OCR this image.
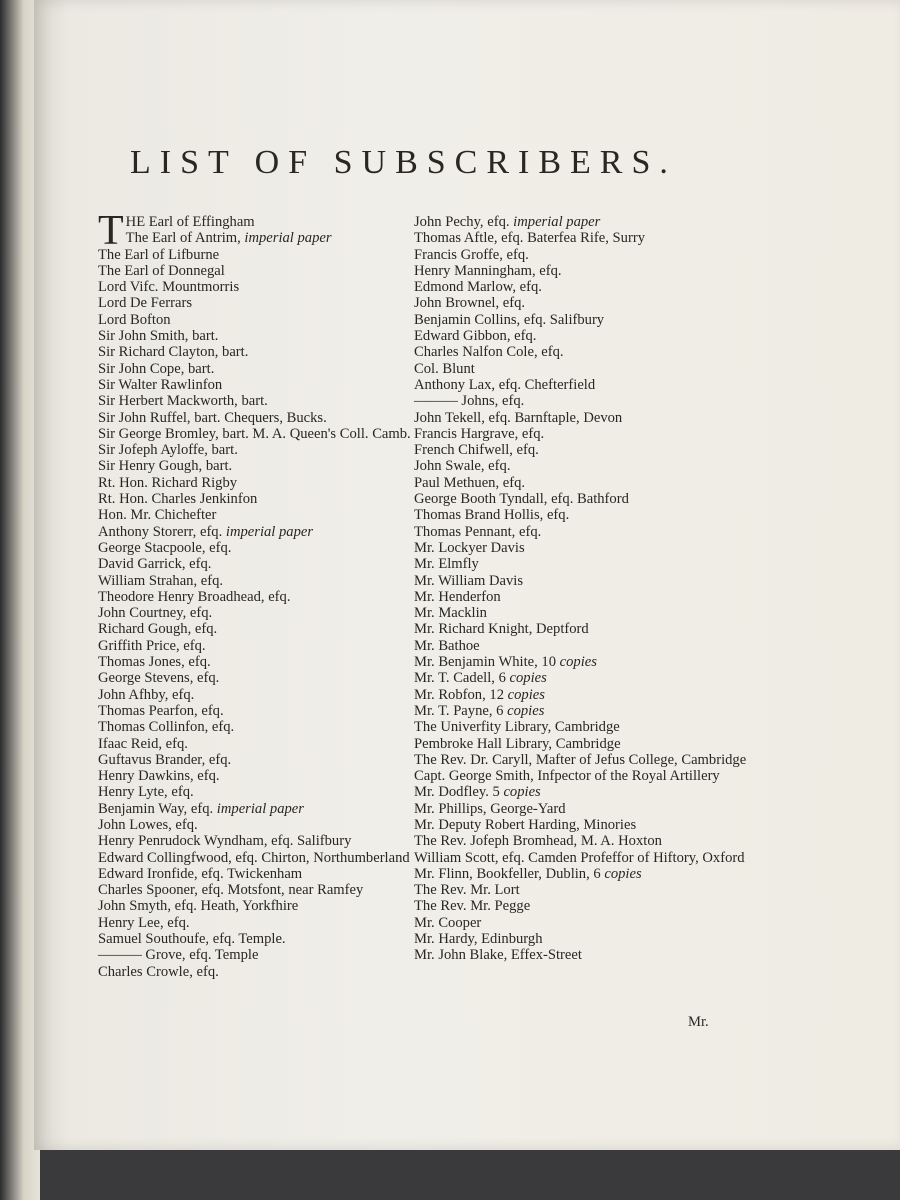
LIST OF SUBSCRIBERS.
T HE Earl of Effingham
The Earl of Antrim, imperial paper
The Earl of Lifburne
The Earl of Donnegal
Lord Vifc. Mountmorris
Lord De Ferrars
Lord Bofton
Sir John Smith, bart.
Sir Richard Clayton, bart.
Sir John Cope, bart.
Sir Walter Rawlinfon
Sir Herbert Mackworth, bart.
Sir John Ruffel, bart. Chequers, Bucks.
Sir George Bromley, bart. M. A. Queen's Coll. Camb.
Sir Jofeph Ayloffe, bart.
Sir Henry Gough, bart.
Rt. Hon. Richard Rigby
Rt. Hon. Charles Jenkinfon
Hon. Mr. Chichefter
Anthony Storerr, efq. imperial paper
George Stacpoole, efq.
David Garrick, efq.
William Strahan, efq.
Theodore Henry Broadhead, efq.
John Courtney, efq.
Richard Gough, efq.
Griffith Price, efq.
Thomas Jones, efq.
George Stevens, efq.
John Afhby, efq.
Thomas Pearfon, efq.
Thomas Collinfon, efq.
Ifaac Reid, efq.
Guftavus Brander, efq.
Henry Dawkins, efq.
Henry Lyte, efq.
Benjamin Way, efq. imperial paper
John Lowes, efq.
Henry Penrudock Wyndham, efq. Salifbury
Edward Collingfwood, efq. Chirton, Northumberland
Edward Ironfide, efq. Twickenham
Charles Spooner, efq. Motsfont, near Ramfey
John Smyth, efq. Heath, Yorkfhire
Henry Lee, efq.
Samuel Southoufe, efq. Temple.
——— Grove, efq. Temple
Charles Crowle, efq.
John Pechy, efq. imperial paper
Thomas Aftle, efq. Baterfea Rife, Surry
Francis Groffe, efq.
Henry Manningham, efq.
Edmond Marlow, efq.
John Brownel, efq.
Benjamin Collins, efq. Salifbury
Edward Gibbon, efq.
Charles Nalfon Cole, efq.
Col. Blunt
Anthony Lax, efq. Chefterfield
——— Johns, efq.
John Tekell, efq. Barnftaple, Devon
Francis Hargrave, efq.
French Chifwell, efq.
John Swale, efq.
Paul Methuen, efq.
George Booth Tyndall, efq. Bathford
Thomas Brand Hollis, efq.
Thomas Pennant, efq.
Mr. Lockyer Davis
Mr. Elmfly
Mr. William Davis
Mr. Henderfon
Mr. Macklin
Mr. Richard Knight, Deptford
Mr. Bathoe
Mr. Benjamin White, 10 copies
Mr. T. Cadell, 6 copies
Mr. Robfon, 12 copies
Mr. T. Payne, 6 copies
The Univerfity Library, Cambridge
Pembroke Hall Library, Cambridge
The Rev. Dr. Caryll, Mafter of Jefus College, Cambridge
Capt. George Smith, Infpector of the Royal Artillery
Mr. Dodfley. 5 copies
Mr. Phillips, George-Yard
Mr. Deputy Robert Harding, Minories
The Rev. Jofeph Bromhead, M. A. Hoxton
William Scott, efq. Camden Profeffor of Hiftory, Oxford
Mr. Flinn, Bookfeller, Dublin, 6 copies
The Rev. Mr. Lort
The Rev. Mr. Pegge
Mr. Cooper
Mr. Hardy, Edinburgh
Mr. John Blake, Effex-Street
Mr.
